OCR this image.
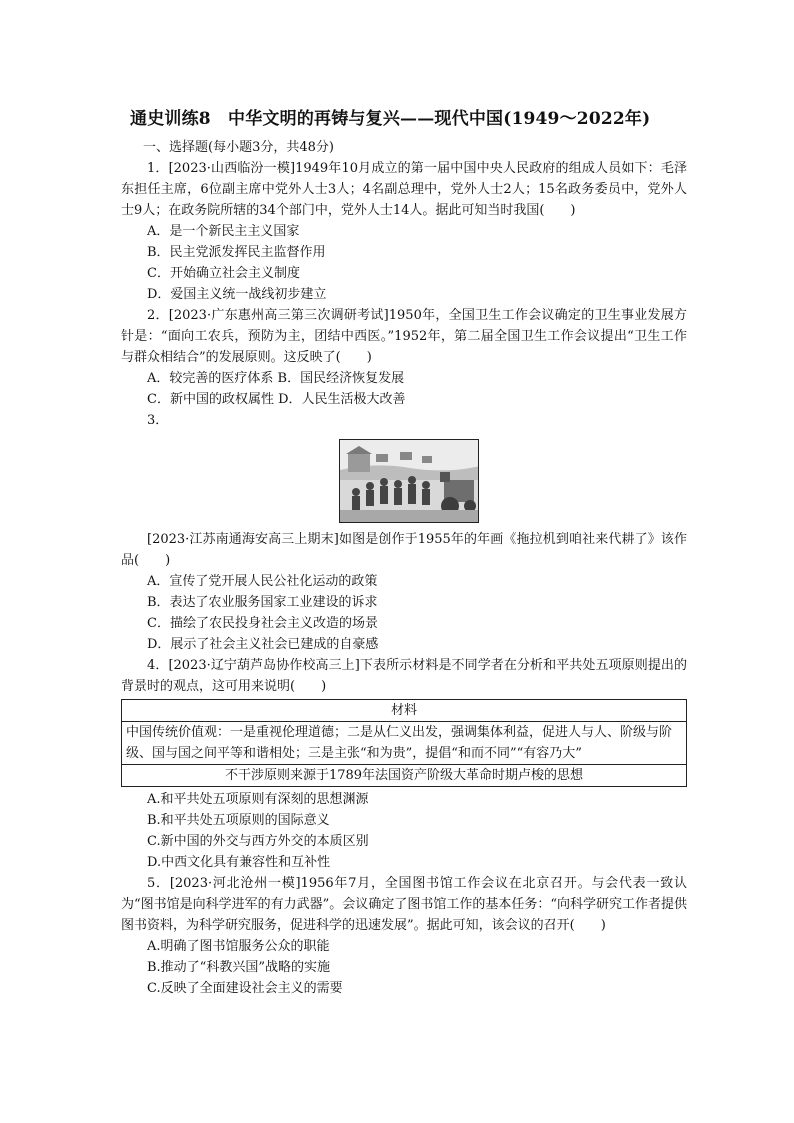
通史训练8　中华文明的再铸与复兴——现代中国(1949～2022年)
一、选择题(每小题3分，共48分)
1．[2023·山西临汾一模]1949年10月成立的第一届中国中央人民政府的组成人员如下：毛泽东担任主席，6位副主席中党外人士3人；4名副总理中，党外人士2人；15名政务委员中，党外人士9人；在政务院所辖的34个部门中，党外人士14人。据此可知当时我国(　　)
A．是一个新民主主义国家
B．民主党派发挥民主监督作用
C．开始确立社会主义制度
D．爱国主义统一战线初步建立
2．[2023·广东惠州高三第三次调研考试]1950年，全国卫生工作会议确定的卫生事业发展方针是：“面向工农兵，预防为主，团结中西医。”1952年，第二届全国卫生工作会议提出“卫生工作与群众相结合”的发展原则。这反映了(　　)
A．较完善的医疗体系 B．国民经济恢复发展
C．新中国的政权属性 D．人民生活极大改善
3．
[2023·江苏南通海安高三上期末]如图是创作于1955年的年画《拖拉机到咱社来代耕了》该作品(　　)
A．宣传了党开展人民公社化运动的政策
B．表达了农业服务国家工业建设的诉求
C．描绘了农民投身社会主义改造的场景
D．展示了社会主义社会已建成的自豪感
4．[2023·辽宁葫芦岛协作校高三上]下表所示材料是不同学者在分析和平共处五项原则提出的背景时的观点，这可用来说明(　　)
材料
中国传统价值观：一是重视伦理道德；二是从仁义出发，强调集体利益，促进人与人、阶级与阶级、国与国之间平等和谐相处；三是主张“和为贵”，提倡“和而不同”“有容乃大”
不干涉原则来源于1789年法国资产阶级大革命时期卢梭的思想
A.和平共处五项原则有深刻的思想渊源
B.和平共处五项原则的国际意义
C.新中国的外交与西方外交的本质区别
D.中西文化具有兼容性和互补性
5．[2023·河北沧州一模]1956年7月，全国图书馆工作会议在北京召开。与会代表一致认为“图书馆是向科学进军的有力武器”。会议确定了图书馆工作的基本任务：“向科学研究工作者提供图书资料，为科学研究服务，促进科学的迅速发展”。据此可知，该会议的召开(　　)
A.明确了图书馆服务公众的职能
B.推动了“科教兴国”战略的实施
C.反映了全面建设社会主义的需要
